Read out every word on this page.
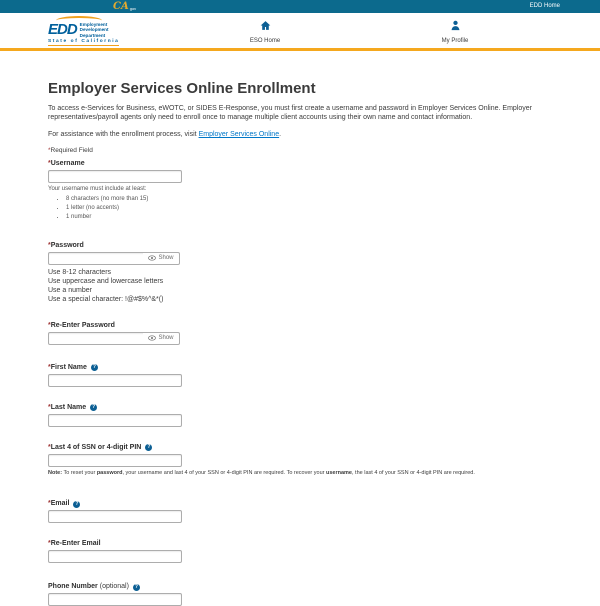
CA gov	EDD Home
EDD Employment
Development
Department
State of California	ESO Home	My Profile
Employer Services Online Enrollment

To access e-Services for Business, eWOTC, or SIDES E-Response, you must first create a username and password in Employer Services Online. Employer representatives/payroll agents only need to enroll once to manage multiple client accounts using their own name and contact information.

For assistance with the enrollment process, visit Employer Services Online.

*Required Field

*Username
Your username must include at least:
• 8 characters (no more than 15)
• 1 letter (no accents)
• 1 number
*Password
Show
Use 8-12 characters
Use uppercase and lowercase letters
Use a number
Use a special character: !@#$%^&*()
*Re-Enter Password
Show
*First Name	?
*Last Name	?
*Last 4 of SSN or 4-digit PIN	?
Note: To reset your password, your username and last 4 of your SSN or 4-digit PIN are required. To recover your username, the last 4 of your SSN or 4-digit PIN are required.
*Email	?
*Re-Enter Email
Phone Number (optional)	?
